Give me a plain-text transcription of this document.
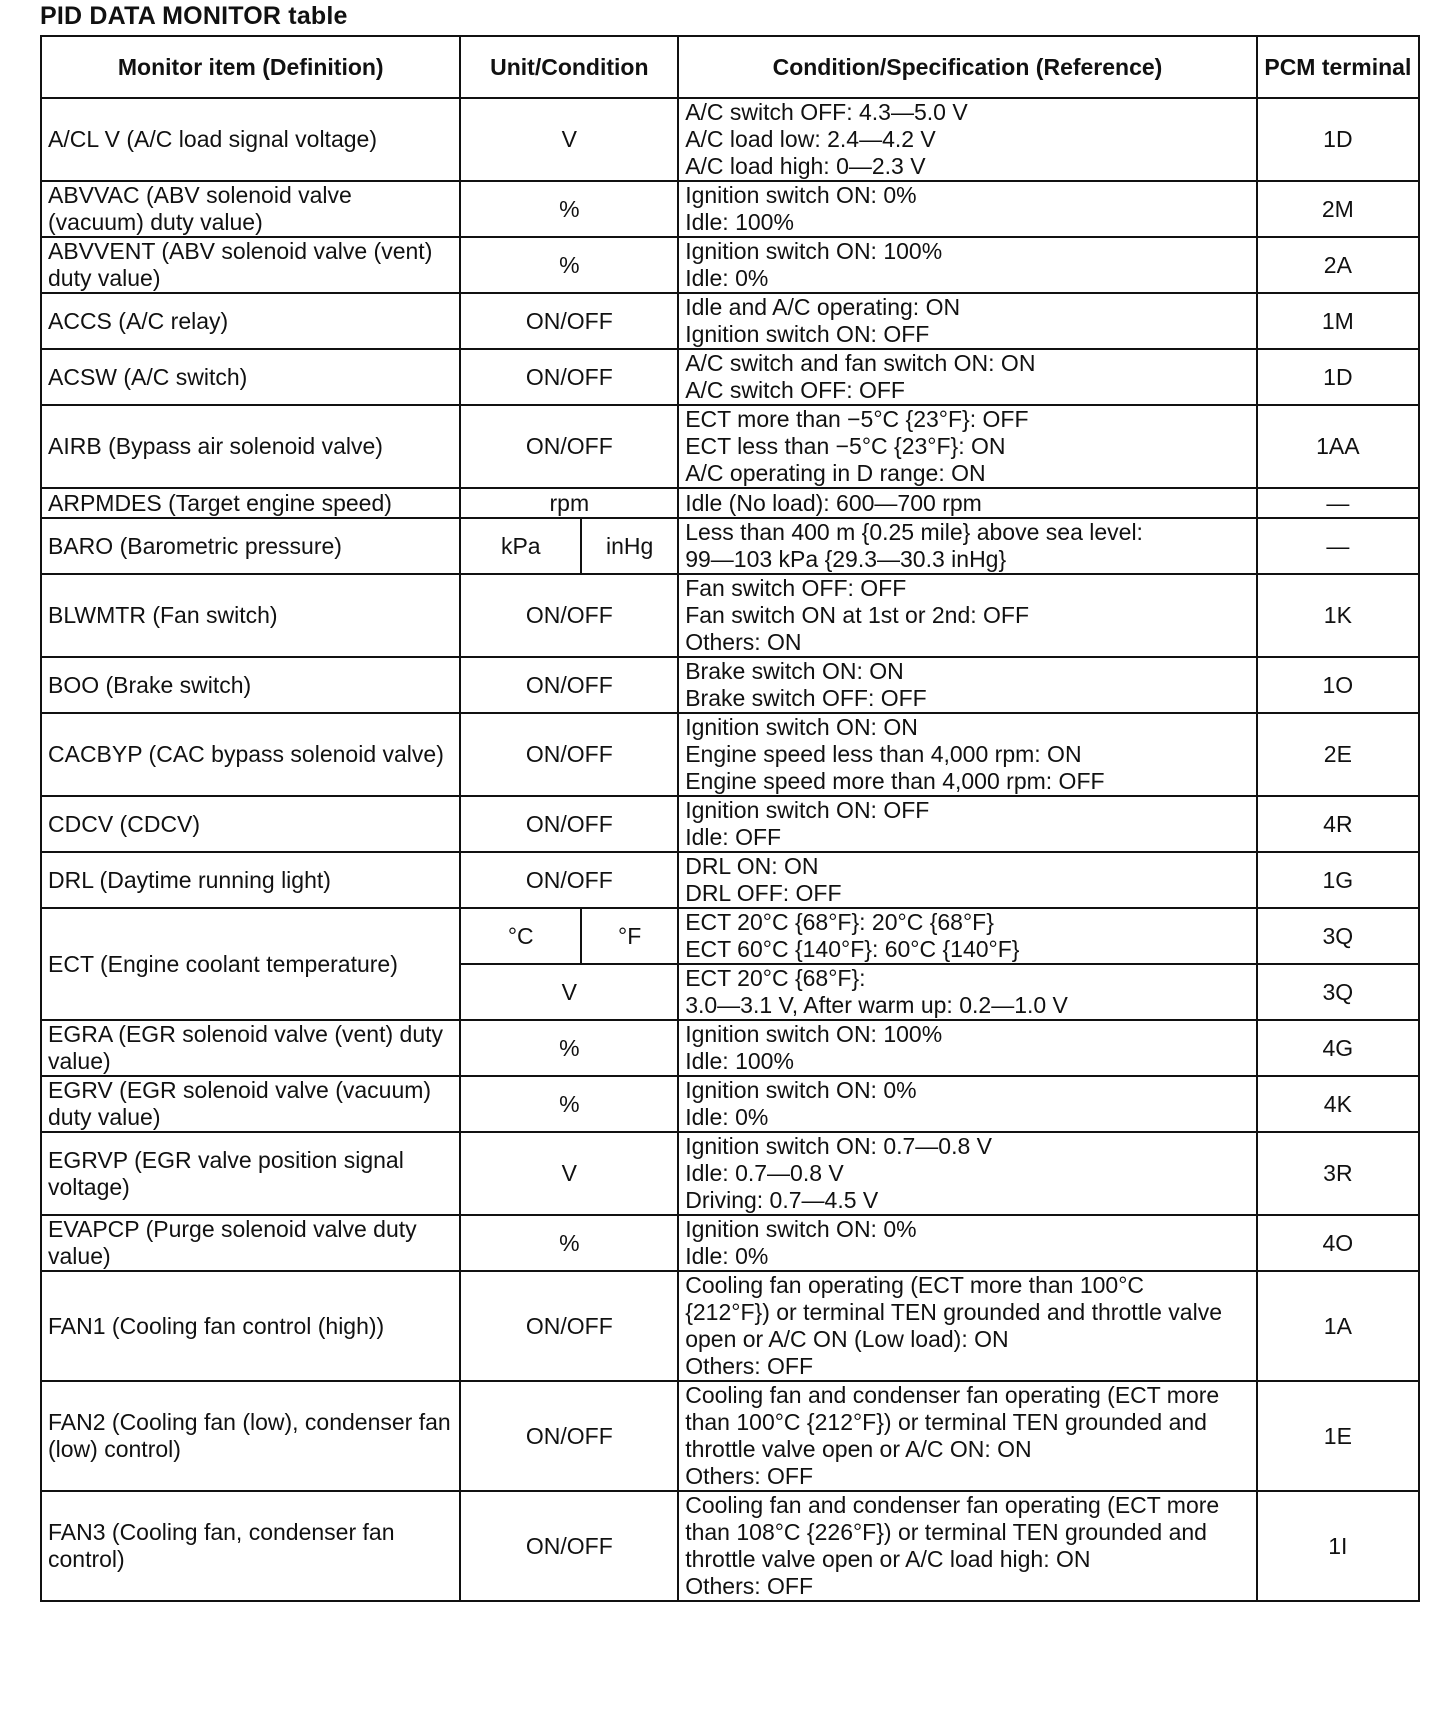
PID DATA MONITOR table
Monitor item (Definition)	Unit/Condition		Condition/Specification (Reference)	PCM terminal
A/CL V (A/C load signal voltage)	V		A/C switch OFF: 4.3—5.0 V
A/C load low: 2.4—4.2 V
A/C load high: 0—2.3 V	1D
ABVVAC (ABV solenoid valve (vacuum) duty value)	%		Ignition switch ON: 0%
Idle: 100%	2M
ABVVENT (ABV solenoid valve (vent) duty value)	%		Ignition switch ON: 100%
Idle: 0%	2A
ACCS (A/C relay)	ON/OFF		Idle and A/C operating: ON
Ignition switch ON: OFF	1M
ACSW (A/C switch)	ON/OFF		A/C switch and fan switch ON: ON
A/C switch OFF: OFF	1D
AIRB (Bypass air solenoid valve)	ON/OFF		ECT more than −5°C {23°F}: OFF
ECT less than −5°C {23°F}: ON
A/C operating in D range: ON	1AA
ARPMDES (Target engine speed)	rpm		Idle (No load): 600—700 rpm	—
BARO (Barometric pressure)	kPa	inHg	Less than 400 m {0.25 mile} above sea level:
99—103 kPa {29.3—30.3 inHg}	—
BLWMTR (Fan switch)	ON/OFF		Fan switch OFF: OFF
Fan switch ON at 1st or 2nd: OFF
Others: ON	1K
BOO (Brake switch)	ON/OFF		Brake switch ON: ON
Brake switch OFF: OFF	1O
CACBYP (CAC bypass solenoid valve)	ON/OFF		Ignition switch ON: ON
Engine speed less than 4,000 rpm: ON
Engine speed more than 4,000 rpm: OFF	2E
CDCV (CDCV)	ON/OFF		Ignition switch ON: OFF
Idle: OFF	4R
DRL (Daytime running light)	ON/OFF		DRL ON: ON
DRL OFF: OFF	1G
ECT (Engine coolant temperature)	°C	°F	ECT 20°C {68°F}: 20°C {68°F}
ECT 60°C {140°F}: 60°C {140°F}	3Q
	V		ECT 20°C {68°F}:
3.0—3.1 V, After warm up: 0.2—1.0 V	3Q
EGRA (EGR solenoid valve (vent) duty value)	%		Ignition switch ON: 100%
Idle: 100%	4G
EGRV (EGR solenoid valve (vacuum) duty value)	%		Ignition switch ON: 0%
Idle: 0%	4K
EGRVP (EGR valve position signal voltage)	V		Ignition switch ON: 0.7—0.8 V
Idle: 0.7—0.8 V
Driving: 0.7—4.5 V	3R
EVAPCP (Purge solenoid valve duty value)	%		Ignition switch ON: 0%
Idle: 0%	4O
FAN1 (Cooling fan control (high))	ON/OFF		Cooling fan operating (ECT more than 100°C
{212°F}) or terminal TEN grounded and throttle valve
open or A/C ON (Low load): ON
Others: OFF	1A
FAN2 (Cooling fan (low), condenser fan (low) control)	ON/OFF		Cooling fan and condenser fan operating (ECT more
than 100°C {212°F}) or terminal TEN grounded and
throttle valve open or A/C ON: ON
Others: OFF	1E
FAN3 (Cooling fan, condenser fan control)	ON/OFF		Cooling fan and condenser fan operating (ECT more
than 108°C {226°F}) or terminal TEN grounded and
throttle valve open or A/C load high: ON
Others: OFF	1I
